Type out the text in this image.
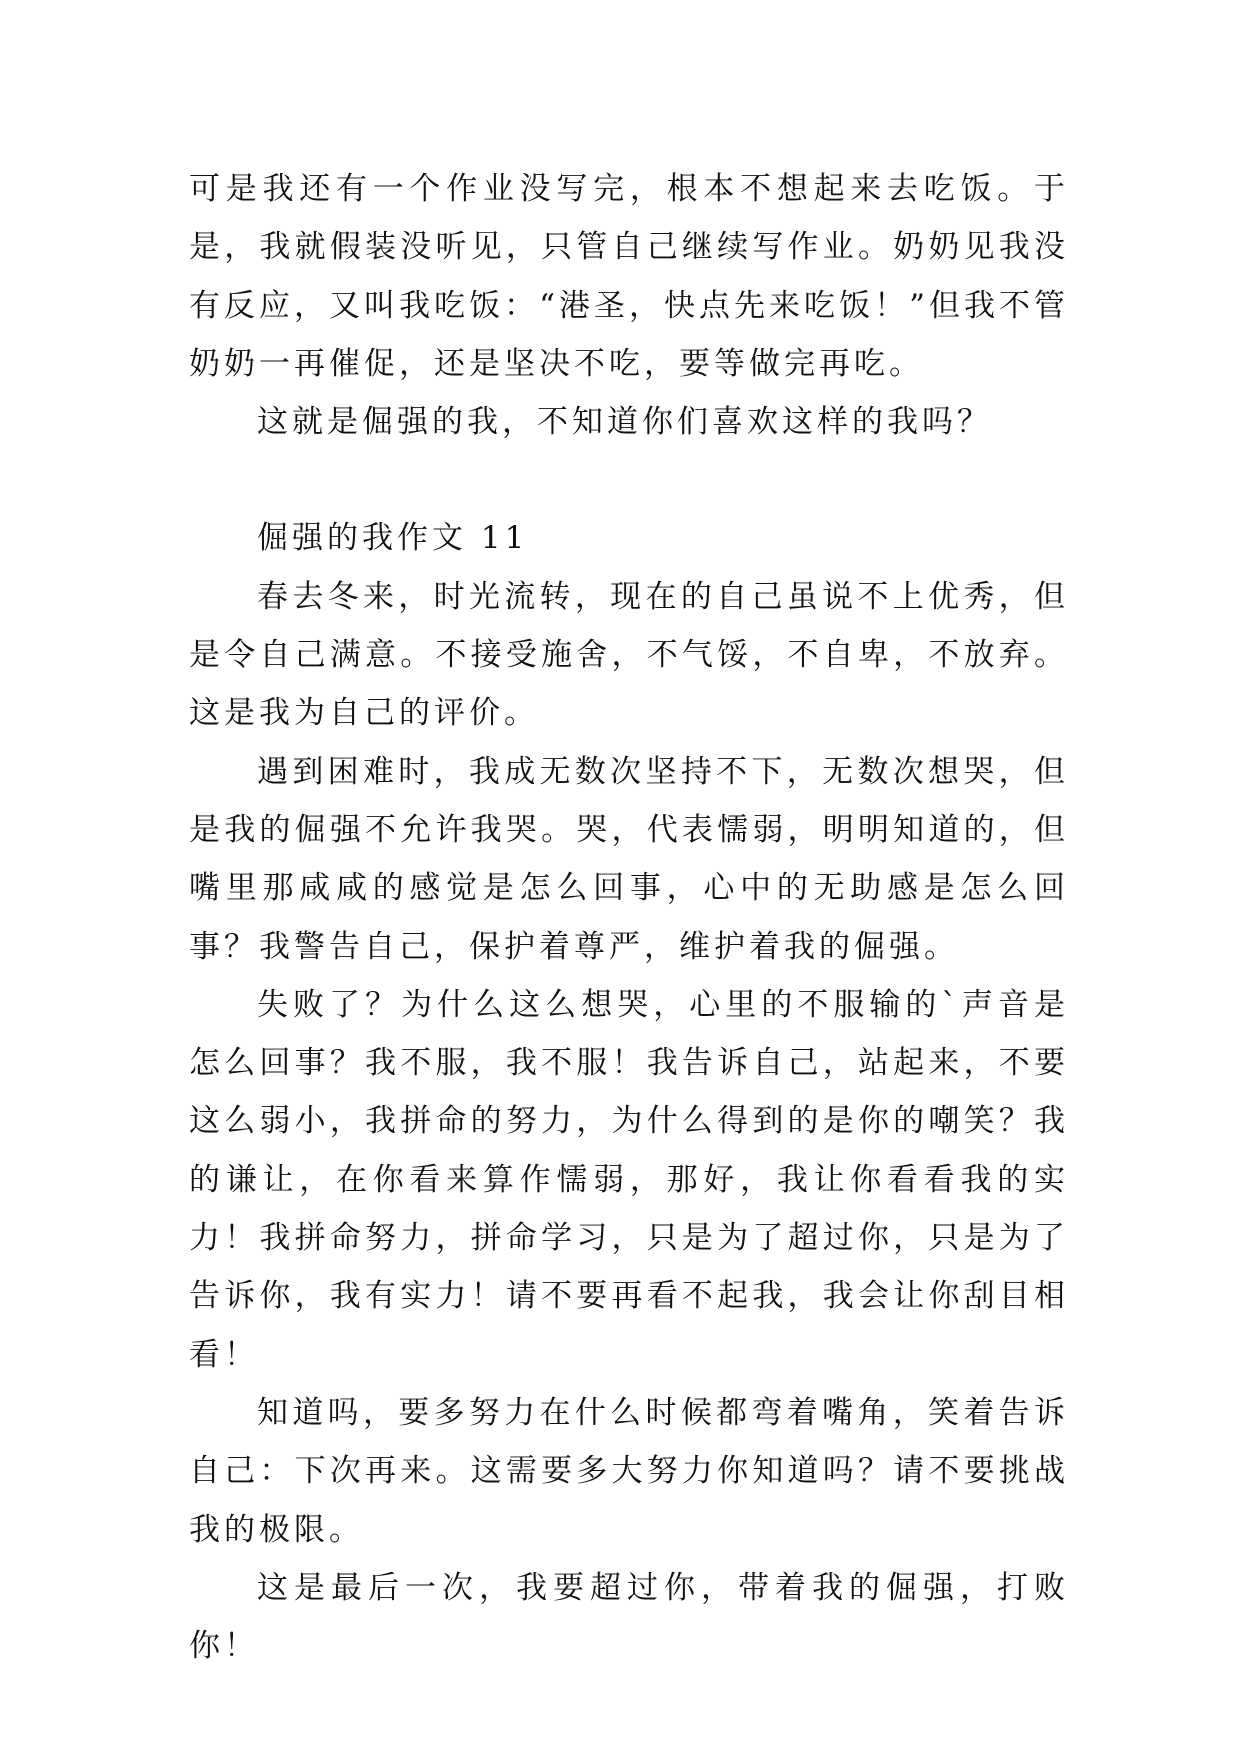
可是我还有一个作业没写完，根本不想起来去吃饭。于是，我就假装没听见，只管自己继续写作业。奶奶见我没有反应，又叫我吃饭：“港圣，快点先来吃饭！”但我不管奶奶一再催促，还是坚决不吃，要等做完再吃。

这就是倔强的我，不知道你们喜欢这样的我吗？

倔强的我作文 11

春去冬来，时光流转，现在的自己虽说不上优秀，但是令自己满意。不接受施舍，不气馁，不自卑，不放弃。这是我为自己的评价。

遇到困难时，我成无数次坚持不下，无数次想哭，但是我的倔强不允许我哭。哭，代表懦弱，明明知道的，但嘴里那咸咸的感觉是怎么回事，心中的无助感是怎么回事？我警告自己，保护着尊严，维护着我的倔强。

失败了？为什么这么想哭，心里的不服输的`声音是怎么回事？我不服，我不服！我告诉自己，站起来，不要这么弱小，我拼命的努力，为什么得到的是你的嘲笑？我的谦让，在你看来算作懦弱，那好，我让你看看我的实力！我拼命努力，拼命学习，只是为了超过你，只是为了告诉你，我有实力！请不要再看不起我，我会让你刮目相看！

知道吗，要多努力在什么时候都弯着嘴角，笑着告诉自己：下次再来。这需要多大努力你知道吗？请不要挑战我的极限。

这是最后一次，我要超过你，带着我的倔强，打败你！
